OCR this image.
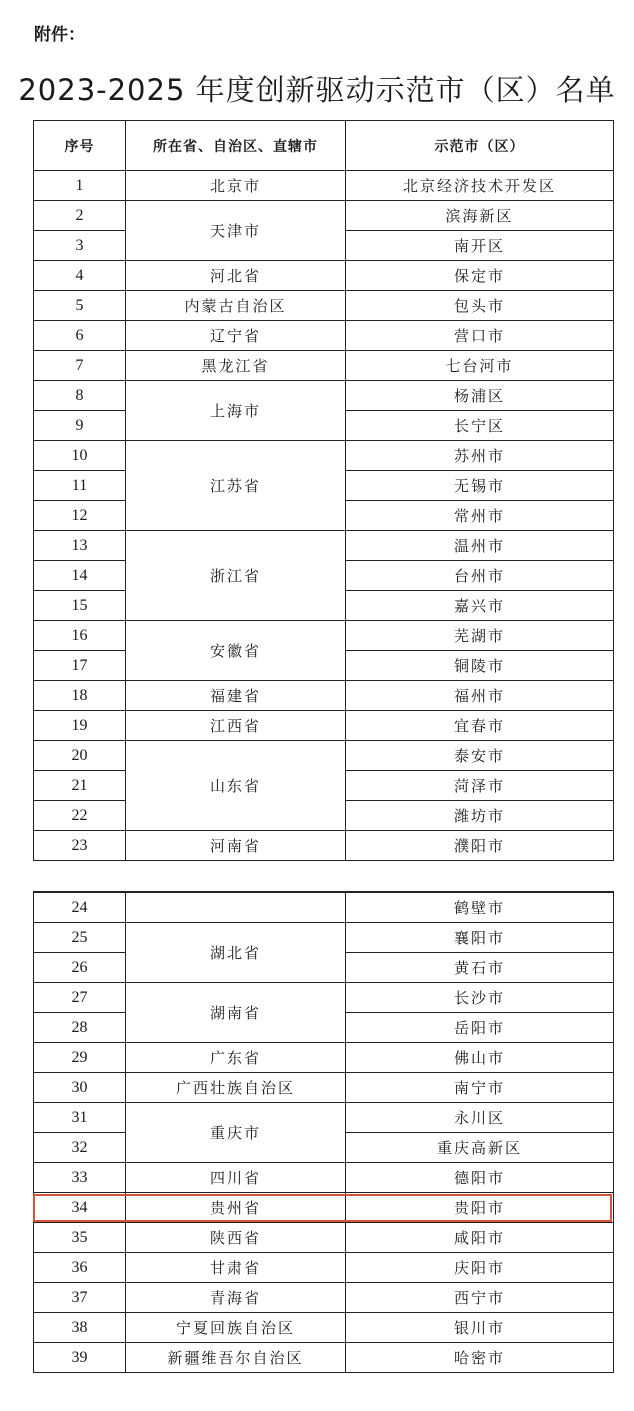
附件：
2023-2025 年度创新驱动示范市（区）名单
序号	所在省、自治区、直辖市	示范市（区）
1	北京市	北京经济技术开发区
2	天津市	滨海新区
3		南开区
4	河北省	保定市
5	内蒙古自治区	包头市
6	辽宁省	营口市
7	黑龙江省	七台河市
8	上海市	杨浦区
9		长宁区
10	江苏省	苏州市
11		无锡市
12		常州市
13	浙江省	温州市
14		台州市
15		嘉兴市
16	安徽省	芜湖市
17		铜陵市
18	福建省	福州市
19	江西省	宜春市
20	山东省	泰安市
21		菏泽市
22		潍坊市
23	河南省	濮阳市
24		鹤壁市
25	湖北省	襄阳市
26		黄石市
27	湖南省	长沙市
28		岳阳市
29	广东省	佛山市
30	广西壮族自治区	南宁市
31	重庆市	永川区
32		重庆高新区
33	四川省	德阳市
34	贵州省	贵阳市
35	陕西省	咸阳市
36	甘肃省	庆阳市
37	青海省	西宁市
38	宁夏回族自治区	银川市
39	新疆维吾尔自治区	哈密市
